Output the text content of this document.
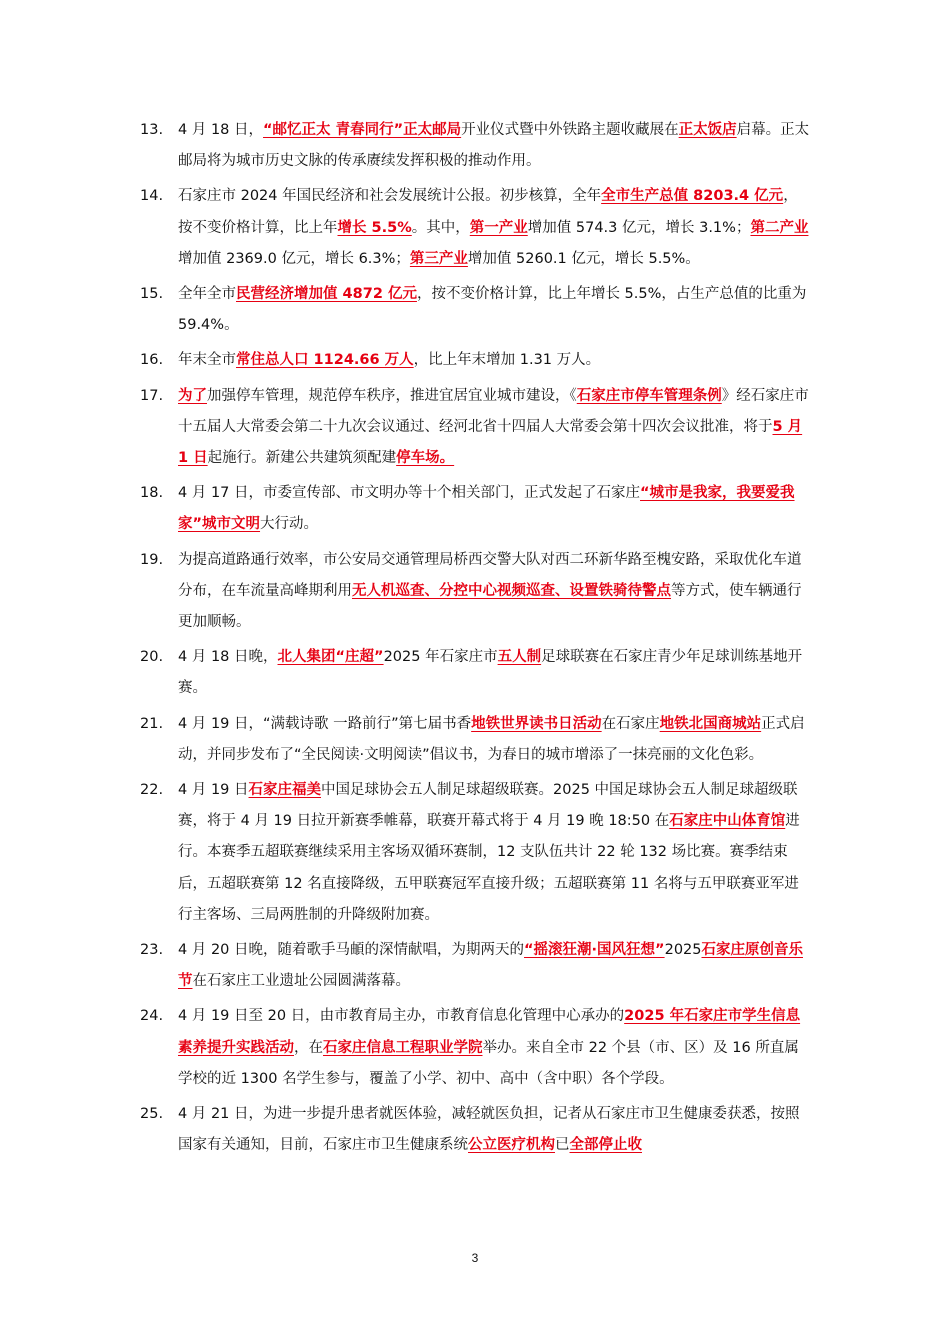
13. 4 月 18 日，“邮忆正太 青春同行”正太邮局开业仪式暨中外铁路主题收藏展在正太饭店启幕。正太邮局将为城市历史文脉的传承赓续发挥积极的推动作用。
14. 石家庄市 2024 年国民经济和社会发展统计公报。初步核算，全年全市生产总值 8203.4 亿元，按不变价格计算，比上年增长 5.5%。其中，第一产业增加值 574.3 亿元，增长 3.1%；第二产业增加值 2369.0 亿元，增长 6.3%；第三产业增加值 5260.1 亿元，增长 5.5%。
15. 全年全市民营经济增加值 4872 亿元，按不变价格计算，比上年增长 5.5%，占生产总值的比重为 59.4%。
16. 年末全市常住总人口 1124.66 万人，比上年末增加 1.31 万人。
17. 为了加强停车管理，规范停车秩序，推进宜居宜业城市建设，《石家庄市停车管理条例》经石家庄市十五届人大常委会第二十九次会议通过、经河北省十四届人大常委会第十四次会议批准，将于5 月 1 日起施行。新建公共建筑须配建停车场。
18. 4 月 17 日，市委宣传部、市文明办等十个相关部门，正式发起了石家庄“城市是我家，我要爱我家”城市文明大行动。
19. 为提高道路通行效率，市公安局交通管理局桥西交警大队对西二环新华路至槐安路，采取优化车道分布，在车流量高峰期利用无人机巡查、分控中心视频巡查、设置铁骑待警点等方式，使车辆通行更加顺畅。
20. 4 月 18 日晚，北人集团“庄超”2025 年石家庄市五人制足球联赛在石家庄青少年足球训练基地开赛。
21. 4 月 19 日，“满载诗歌 一路前行”第七届书香地铁世界读书日活动在石家庄地铁北国商城站正式启动，并同步发布了“全民阅读·文明阅读”倡议书，为春日的城市增添了一抹亮丽的文化色彩。
22. 4 月 19 日石家庄福美中国足球协会五人制足球超级联赛。2025 中国足球协会五人制足球超级联赛，将于 4 月 19 日拉开新赛季帷幕，联赛开幕式将于 4 月 19 晚 18:50 在石家庄中山体育馆进行。本赛季五超联赛继续采用主客场双循环赛制，12 支队伍共计 22 轮 132 场比赛。赛季结束后，五超联赛第 12 名直接降级，五甲联赛冠军直接升级；五超联赛第 11 名将与五甲联赛亚军进行主客场、三局两胜制的升降级附加赛。
23. 4 月 20 日晚，随着歌手马頔的深情献唱，为期两天的“摇滚狂潮·国风狂想”2025石家庄原创音乐节在石家庄工业遗址公园圆满落幕。
24. 4 月 19 日至 20 日，由市教育局主办，市教育信息化管理中心承办的2025 年石家庄市学生信息素养提升实践活动，在石家庄信息工程职业学院举办。来自全市 22 个县（市、区）及 16 所直属学校的近 1300 名学生参与，覆盖了小学、初中、高中（含中职）各个学段。
25. 4 月 21 日，为进一步提升患者就医体验，减轻就医负担，记者从石家庄市卫生健康委获悉，按照国家有关通知，目前，石家庄市卫生健康系统公立医疗机构已全部停止收
3
